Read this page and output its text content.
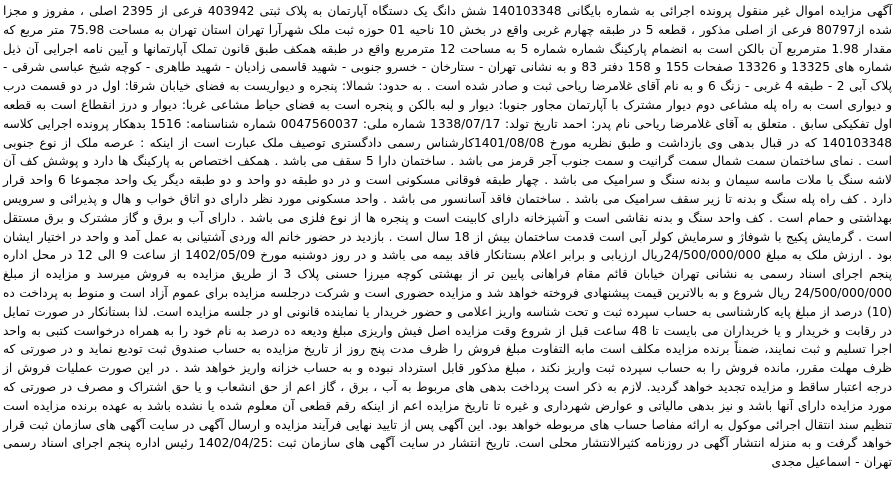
آگهی مزایده اموال غیر منقول پرونده اجرائی به شماره بایگانی 140103348 شش دانگ یک دستگاه آپارتمان به پلاک ثبتی 403942 فرعی از 2395 اصلی ، مفروز و مجزا شده از80797 فرعی از اصلی مذکور ، قطعه 5 در طبقه چهارم غربی واقع در بخش 10 ناحیه 01 حوزه ثبت ملک شهرآرا تهران استان تهران به مساحت 75.98 متر مربع که مقدار 1.98 مترمربع آن بالکن است به انضمام پارکینگ شماره شماره 5 به مساحت 12 مترمربع واقع در طبقه همکف طبق قانون تملک آپارتمانها و آیین نامه اجرایی آن ذیل شماره های 13325 و 13326 صفحات 155 و 158 دفتر 83 و به نشانی تهران - ستارخان - خسرو جنوبی - شهید قاسمی زادیان - شهید طاهری - کوچه شیخ عباسی شرقی - پلاک آبی 2 - طبقه 4 غربی - زنگ 6 و به نام آقای غلامرضا ریاحی ثبت و صادر شده است . به حدود: شمالا: پنجره و دیواریست به فضای خیابان شرقا: اول در دو قسمت درب و دیواری است به راه پله مشاعی دوم دیوار مشترک با آپارتمان مجاور جنوبا: دیوار و لبه بالکن و پنجره است به فضای حیاط مشاعی غربا: دیوار و درز انقطاع است به قطعه اول تفکیکی سابق . متعلق به آقای غلامرضا ریاحی نام پدر: احمد تاریخ تولد: 1338/07/17 شماره ملی: 0047560037 شماره شناسنامه: 1516 بدهکار پرونده اجرایی کلاسه 140103348 که در قبال بدهی وی بازداشت و طبق نظریه مورخ 1401/08/08کارشناس رسمی دادگستری توصیف ملک عبارت است از اینکه : عرصه ملک از نوع جنوبی است . نمای ساختمان سمت شمال سمت گرانیت و سمت جنوب آجر قرمز می باشد . ساختمان دارا 5 سقف می باشد . همکف اختصاص به پارکینگ ها دارد و پوشش کف آن لاشه سنگ با ملات ماسه سیمان و بدنه سنگ و سرامیک می باشد . چهار طبقه فوقانی مسکونی است و در دو طبقه دو واحد و دو طبقه دیگر یک واحد مجموعا 6 واحد قرار دارد . کف راه پله سنگ و بدنه تا زیر سقف سرامیک می باشد . ساختمان فاقد آسانسور می باشد . واحد مسکونی مورد نظر دارای دو اتاق خواب و هال و پذیرائی و سرویس بهداشتی و حمام است . کف واحد سنگ و بدنه نقاشی است و آشپزخانه دارای کابینت است و پنجره ها از نوع فلزی می باشد . دارای آب و برق و گاز مشترک و برق مستقل است . گرمایش پکیج با شوفاژ و سرمایش کولر آبی است قدمت ساختمان بیش از 18 سال است . بازدید در حضور خانم اله وردی آشتیانی به عمل آمد و واحد در اختیار ایشان بود . ارزش ملک به مبلغ 24/500/000/000ریال ارزیابی و برابر اعلام بستانکار فاقد بیمه می باشد و در روز دوشنبه مورخ 1402/05/09 از ساعت 9 الی 12 در محل اداره پنجم اجرای اسناد رسمی به نشانی تهران خیابان قائم مقام فراهانی پایین تر از بهشتی کوچه میرزا حسنی پلاک 3 از طریق مزایده به فروش میرسد و مزایده از مبلغ 24/500/000/000 ریال شروع و به بالاترین قیمت پیشنهادی فروخته خواهد شد و مزایده حضوری است و شرکت درجلسه مزایده برای عموم آزاد است و منوط به پرداخت ده (10) درصد از مبلغ پایه کارشناسی به حساب سپرده ثبت و تحت شناسه واریز اعلامی و حضور خریدار یا نماینده قانونی او در جلسه مزایده است. لذا بستانکار در صورت تمایل در رقابت و خریدار و یا خریداران می بایست تا 48 ساعت قبل از شروع وقت مزایده اصل فیش واریزی مبلغ ودیعه ده درصد به نام خود را به همراه درخواست کتبی به واحد اجرا تسلیم و ثبت نمایند، ضمناً برنده مزایده مکلف است مابه التفاوت مبلغ فروش را ظرف مدت پنج روز از تاریخ مزایده به حساب صندوق ثبت تودیع نماید و در صورتی که ظرف مهلت مقرر، مانده فروش را به حساب سپرده ثبت واریز نکند ، مبلغ مذکور قابل استرداد نبوده و به حساب خزانه واریز خواهد شد . در این صورت عملیات فروش از درجه اعتبار ساقط و مزایده تجدید خواهد گردید. لازم به ذکر است پرداخت بدهی های مربوط به آب ، برق ، گاز اعم از حق انشعاب و یا حق اشتراک و مصرف در صورتی که مورد مزایده دارای آنها باشد و نیز بدهی مالیاتی و عوارض شهرداری و غیره تا تاریخ مزایده اعم از اینکه رقم قطعی آن معلوم شده یا نشده باشد به عهده برنده مزایده است تنظیم سند انتقال اجرائی موکول به ارائه مفاصا حساب های مربوطه خواهد بود. این آگهی پس از تایید نهایی فرآیند مزایده و ارسال آگهی در سایت آگهی های سازمان ثبت قرار خواهد گرفت و به منزله انتشار آگهی در روزنامه کثیرالانتشار محلی است. تاریخ انتشار در سایت آگهی های سازمان ثبت :1402/04/25 رئیس اداره پنجم اجرای اسناد رسمی تهران - اسماعیل مجدی
